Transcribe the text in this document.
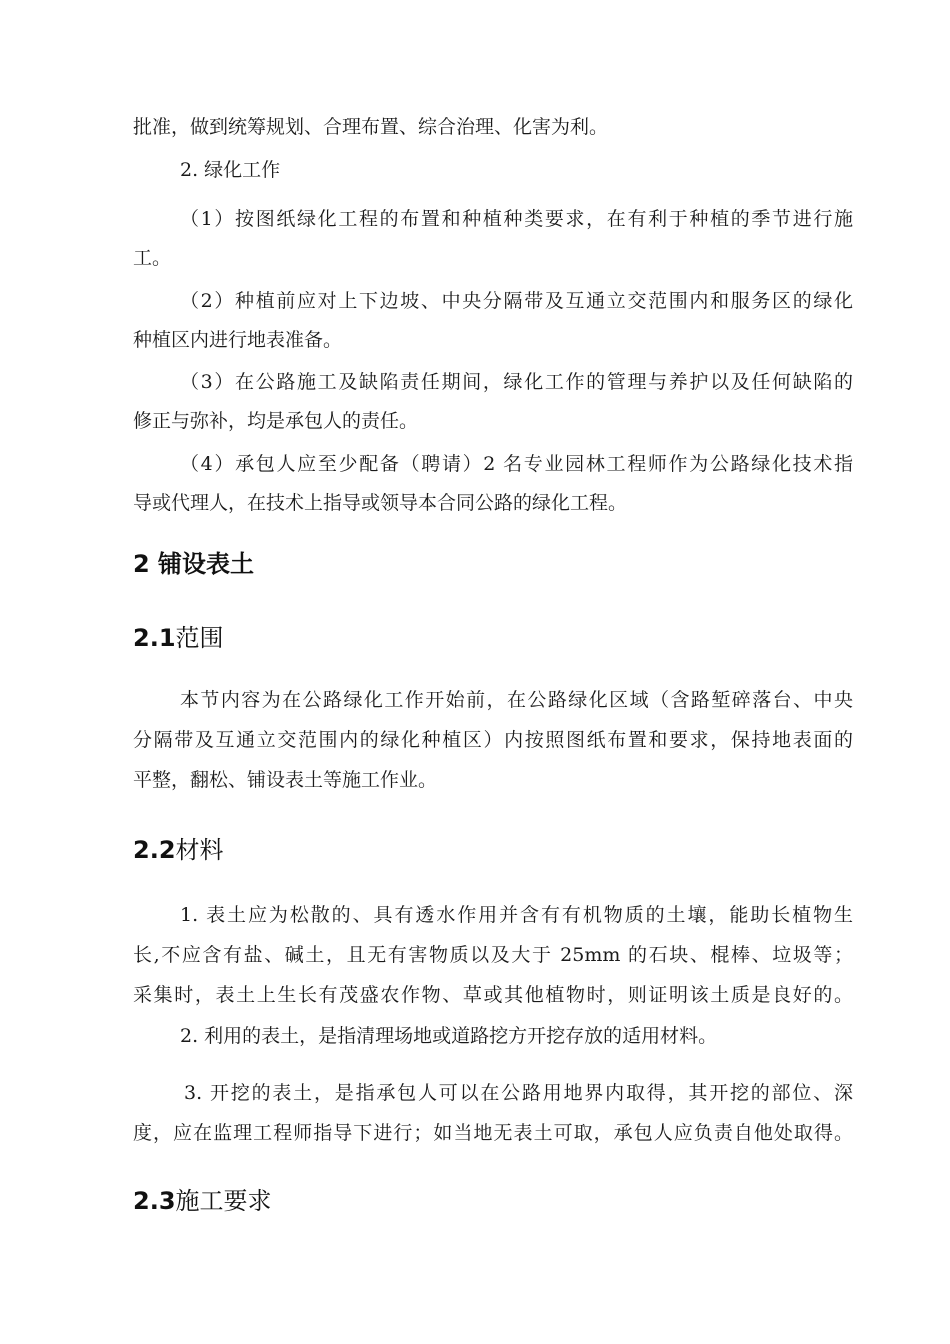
批准，做到统筹规划、合理布置、综合治理、化害为利。
2. 绿化工作
（1）按图纸绿化工程的布置和种植种类要求，在有利于种植的季节进行施
工。
（2）种植前应对上下边坡、中央分隔带及互通立交范围内和服务区的绿化
种植区内进行地表准备。
（3）在公路施工及缺陷责任期间，绿化工作的管理与养护以及任何缺陷的
修正与弥补，均是承包人的责任。
（4）承包人应至少配备（聘请）2 名专业园林工程师作为公路绿化技术指
导或代理人，在技术上指导或领导本合同公路的绿化工程。
2 铺设表土
2.1范围
本节内容为在公路绿化工作开始前，在公路绿化区域（含路堑碎落台、中央
分隔带及互通立交范围内的绿化种植区）内按照图纸布置和要求，保持地表面的
平整，翻松、铺设表土等施工作业。
2.2材料
1. 表土应为松散的、具有透水作用并含有有机物质的土壤，能助长植物生
长,不应含有盐、碱土，且无有害物质以及大于 25mm 的石块、棍棒、垃圾等；
采集时，表土上生长有茂盛农作物、草或其他植物时，则证明该土质是良好的。
2. 利用的表土，是指清理场地或道路挖方开挖存放的适用材料。
3. 开挖的表土，是指承包人可以在公路用地界内取得，其开挖的部位、深
度，应在监理工程师指导下进行；如当地无表土可取，承包人应负责自他处取得。
2.3施工要求
